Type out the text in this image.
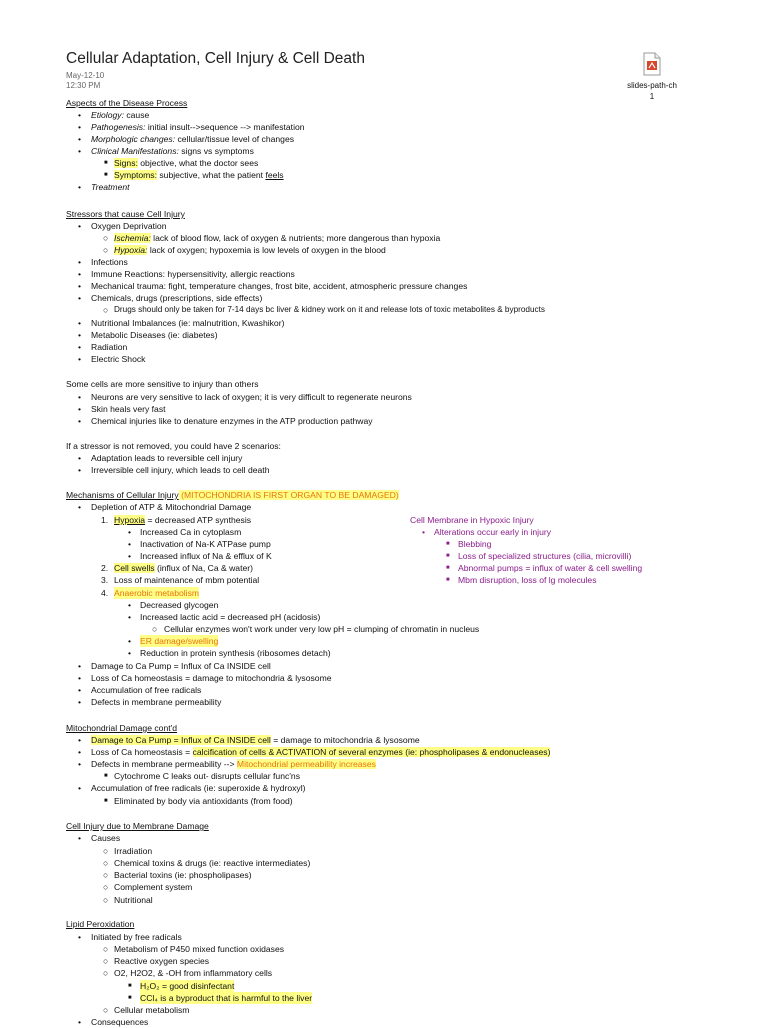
Cellular Adaptation, Cell Injury & Cell Death
May-12-10
12:30 PM	slides-path-ch1
Aspects of the Disease Process
• Etiology: cause
• Pathogenesis: initial insult-->sequence --> manifestation
• Morphologic changes: cellular/tissue level of changes
• Clinical Manifestations: signs vs symptoms
■ Signs: objective, what the doctor sees
■ Symptoms: subjective, what the patient feels
• Treatment
Stressors that cause Cell Injury
• Oxygen Deprivation
○ Ischemia: lack of blood flow, lack of oxygen & nutrients; more dangerous than hypoxia
○ Hypoxia: lack of oxygen; hypoxemia is low levels of oxygen in the blood
• Infections
• Immune Reactions: hypersensitivity, allergic reactions
• Mechanical trauma: fight, temperature changes, frost bite, accident, atmospheric pressure changes
• Chemicals, drugs (prescriptions, side effects)
○ Drugs should only be taken for 7-14 days bc liver & kidney work on it and release lots of toxic metabolites & byproducts
• Nutritional Imbalances (ie: malnutrition, Kwashikor)
• Metabolic Diseases (ie: diabetes)
• Radiation
• Electric Shock
Some cells are more sensitive to injury than others
• Neurons are very sensitive to lack of oxygen; it is very difficult to regenerate neurons
• Skin heals very fast
• Chemical injuries like to denature enzymes in the ATP production pathway
If a stressor is not removed, you could have 2 scenarios:
• Adaptation leads to reversible cell injury
• Irreversible cell injury, which leads to cell death
Mechanisms of Cellular Injury (MITOCHONDRIA IS FIRST ORGAN TO BE DAMAGED)
• Depletion of ATP & Mitochondrial Damage
1. Hypoxia = decreased ATP synthesis
• Increased Ca in cytoplasm
• Inactivation of Na-K ATPase pump
• Increased influx of Na & efflux of K
2. Cell swells (influx of Na, Ca & water)
3. Loss of maintenance of mbm potential
4. Anaerobic metabolism
• Decreased glycogen
• Increased lactic acid = decreased pH (acidosis)
○ Cellular enzymes won't work under very low pH = clumping of chromatin in nucleus
• ER damage/swelling
• Reduction in protein synthesis (ribosomes detach)
• Damage to Ca Pump = Influx of Ca INSIDE cell
• Loss of Ca homeostasis = damage to mitochondria & lysosome
• Accumulation of free radicals
• Defects in membrane permeability
Cell Membrane in Hypoxic Injury
• Alterations occur early in injury
■ Blebbing
■ Loss of specialized structures (cilia, microvilli)
■ Abnormal pumps = influx of water & cell swelling
■ Mbm disruption, loss of lg molecules
Mitochondrial Damage cont'd
• Damage to Ca Pump = Influx of Ca INSIDE cell = damage to mitochondria & lysosome
• Loss of Ca homeostasis = calcification of cells & ACTIVATION of several enzymes (ie: phospholipases & endonucleases)
• Defects in membrane permeability --> Mitochondrial permeability increases
■ Cytochrome C leaks out- disrupts cellular func'ns
• Accumulation of free radicals (ie: superoxide & hydroxyl)
■ Eliminated by body via antioxidants (from food)
Cell Injury due to Membrane Damage
• Causes
○ Irradiation
○ Chemical toxins & drugs (ie: reactive intermediates)
○ Bacterial toxins (ie: phospholipases)
○ Complement system
○ Nutritional
Lipid Peroxidation
• Initiated by free radicals
○ Metabolism of P450 mixed function oxidases
○ Reactive oxygen species
○ O2, H2O2, & -OH from inflammatory cells
■ H₂O₂ = good disinfectant
■ CCl₄ is a byproduct that is harmful to the liver
○ Cellular metabolism
• Consequences
